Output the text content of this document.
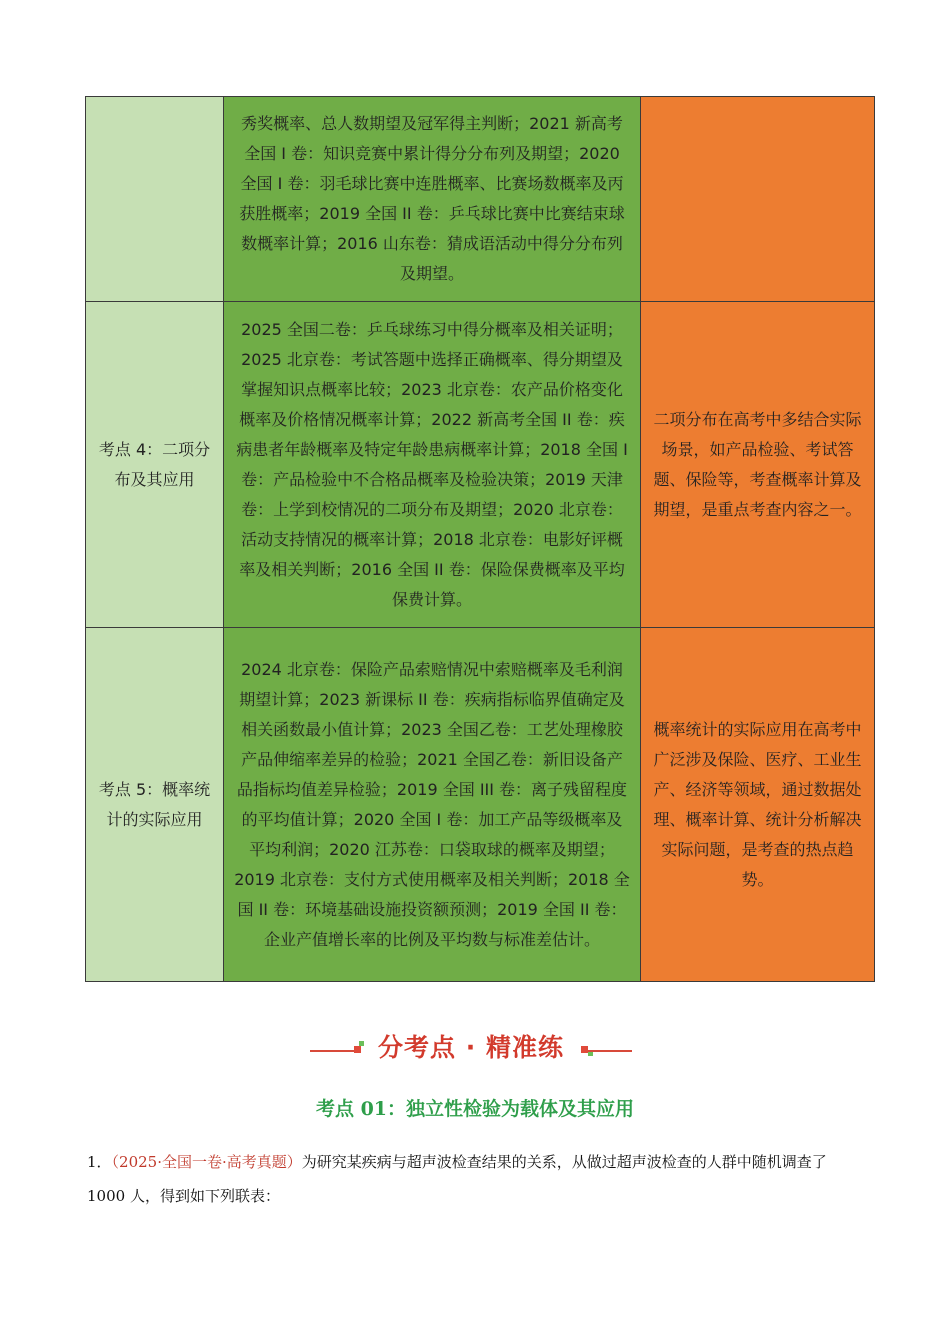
	秀奖概率、总人数期望及冠军得主判断；2021 新高考全国 I 卷：知识竞赛中累计得分分布列及期望；2020 全国 I 卷：羽毛球比赛中连胜概率、比赛场数概率及丙获胜概率；2019 全国 II 卷：乒乓球比赛中比赛结束球数概率计算；2016 山东卷：猜成语活动中得分分布列及期望。	
考点 4：二项分布及其应用	2025 全国二卷：乒乓球练习中得分概率及相关证明；2025 北京卷：考试答题中选择正确概率、得分期望及掌握知识点概率比较；2023 北京卷：农产品价格变化概率及价格情况概率计算；2022 新高考全国 II 卷：疾病患者年龄概率及特定年龄患病概率计算；2018 全国 I 卷：产品检验中不合格品概率及检验决策；2019 天津卷：上学到校情况的二项分布及期望；2020 北京卷：活动支持情况的概率计算；2018 北京卷：电影好评概率及相关判断；2016 全国 II 卷：保险保费概率及平均保费计算。	二项分布在高考中多结合实际场景，如产品检验、考试答题、保险等，考查概率计算及期望，是重点考查内容之一。
考点 5：概率统计的实际应用	2024 北京卷：保险产品索赔情况中索赔概率及毛利润期望计算；2023 新课标 II 卷：疾病指标临界值确定及相关函数最小值计算；2023 全国乙卷：工艺处理橡胶产品伸缩率差异的检验；2021 全国乙卷：新旧设备产品指标均值差异检验；2019 全国 III 卷：离子残留程度的平均值计算；2020 全国 I 卷：加工产品等级概率及平均利润；2020 江苏卷：口袋取球的概率及期望；2019 北京卷：支付方式使用概率及相关判断；2018 全国 II 卷：环境基础设施投资额预测；2019 全国 II 卷：企业产值增长率的比例及平均数与标准差估计。	概率统计的实际应用在高考中广泛涉及保险、医疗、工业生产、经济等领域，通过数据处理、概率计算、统计分析解决实际问题，是考查的热点趋势。
分考点 · 精准练
考点 01：独立性检验为载体及其应用
1．（2025·全国一卷·高考真题）为研究某疾病与超声波检查结果的关系，从做过超声波检查的人群中随机调查了 1000 人，得到如下列联表：
